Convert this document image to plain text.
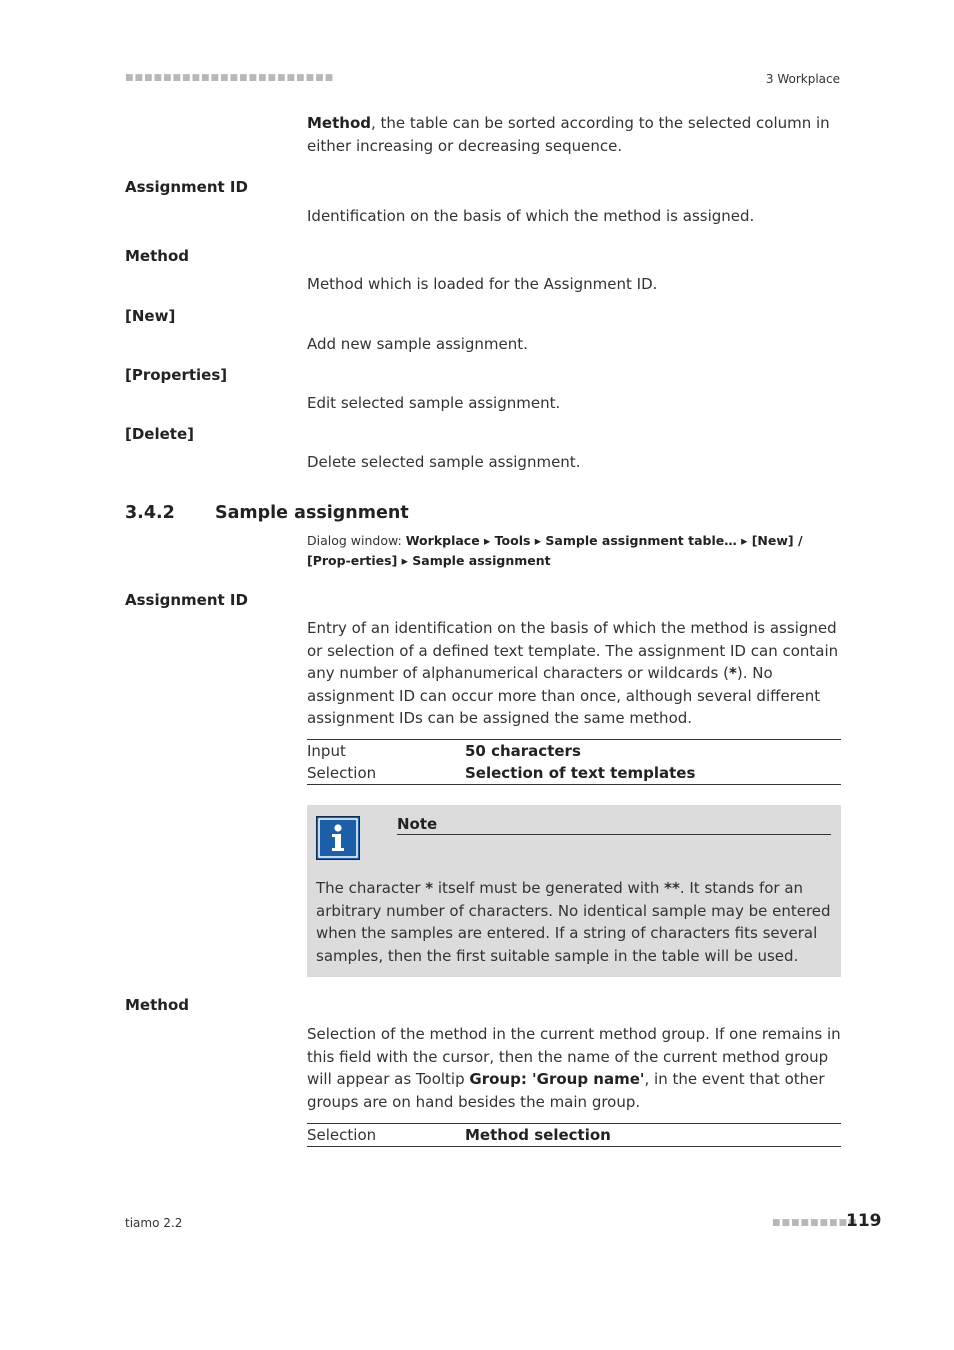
■■■■■■■■■■■■■■■■■■■■■■	3 Workplace
Method, the table can be sorted according to the selected column in either increasing or decreasing sequence.
Assignment ID
Identification on the basis of which the method is assigned.
Method
Method which is loaded for the Assignment ID.
[New]
Add new sample assignment.
[Properties]
Edit selected sample assignment.
[Delete]
Delete selected sample assignment.
3.4.2 Sample assignment
Dialog window: Workplace ▸ Tools ▸ Sample assignment table… ▸ [New] / [Prop-erties] ▸ Sample assignment
Assignment ID
Entry of an identification on the basis of which the method is assigned or selection of a defined text template. The assignment ID can contain any number of alphanumerical characters or wildcards (*). No assignment ID can occur more than once, although several different assignment IDs can be assigned the same method.
Input	50 characters
Selection	Selection of text templates
Note
The character * itself must be generated with **. It stands for an arbitrary number of characters. No identical sample may be entered when the samples are entered. If a string of characters fits several samples, then the first suitable sample in the table will be used.
Method
Selection of the method in the current method group. If one remains in this field with the cursor, then the name of the current method group will appear as Tooltip Group: 'Group name', in the event that other groups are on hand besides the main group.
Selection	Method selection
tiamo 2.2	■■■■■■■■■
119
